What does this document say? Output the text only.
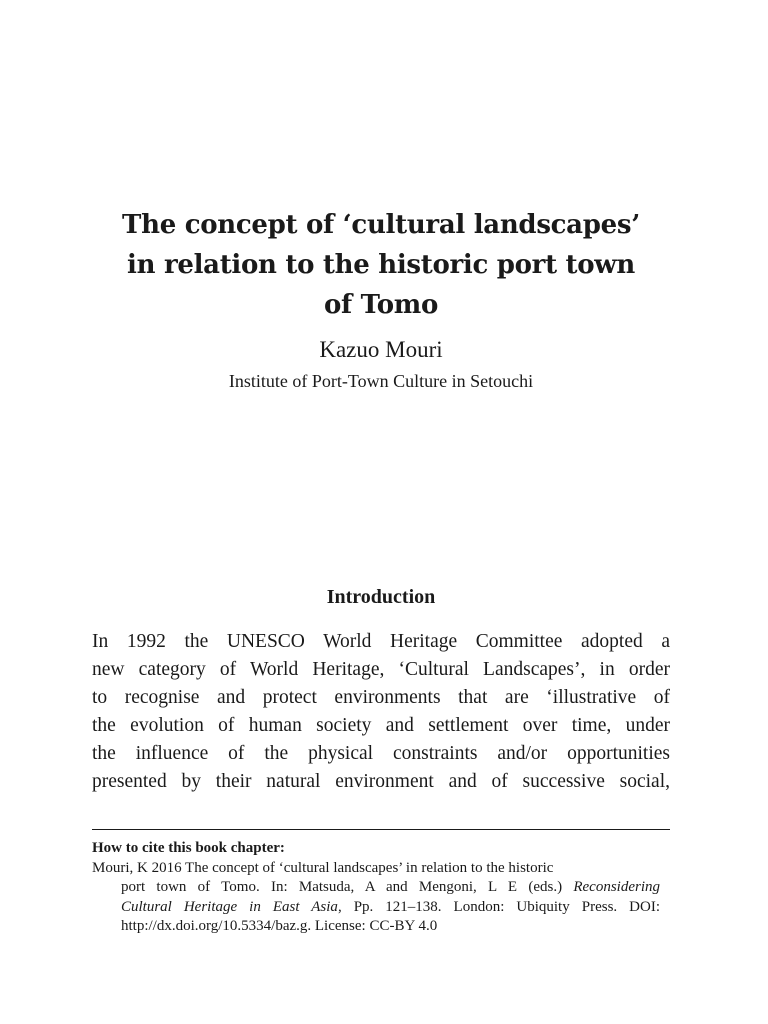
The concept of ‘cultural landscapes’
in relation to the historic port town
of Tomo

Kazuo Mouri

Institute of Port-Town Culture in Setouchi

Introduction

In 1992 the UNESCO World Heritage Committee adopted a
new category of World Heritage, ‘Cultural Landscapes’, in order
to recognise and protect environments that are ‘illustrative of
the evolution of human society and settlement over time, under
the influence of the physical constraints and/or opportunities
presented by their natural environment and of successive social,

How to cite this book chapter:
Mouri, K 2016 The concept of ‘cultural landscapes’ in relation to the historic
port town of Tomo. In: Matsuda, A and Mengoni, L E (eds.) Reconsidering
Cultural Heritage in East Asia, Pp. 121–138. London: Ubiquity Press. DOI:
http://dx.doi.org/10.5334/baz.g. License: CC-BY 4.0
